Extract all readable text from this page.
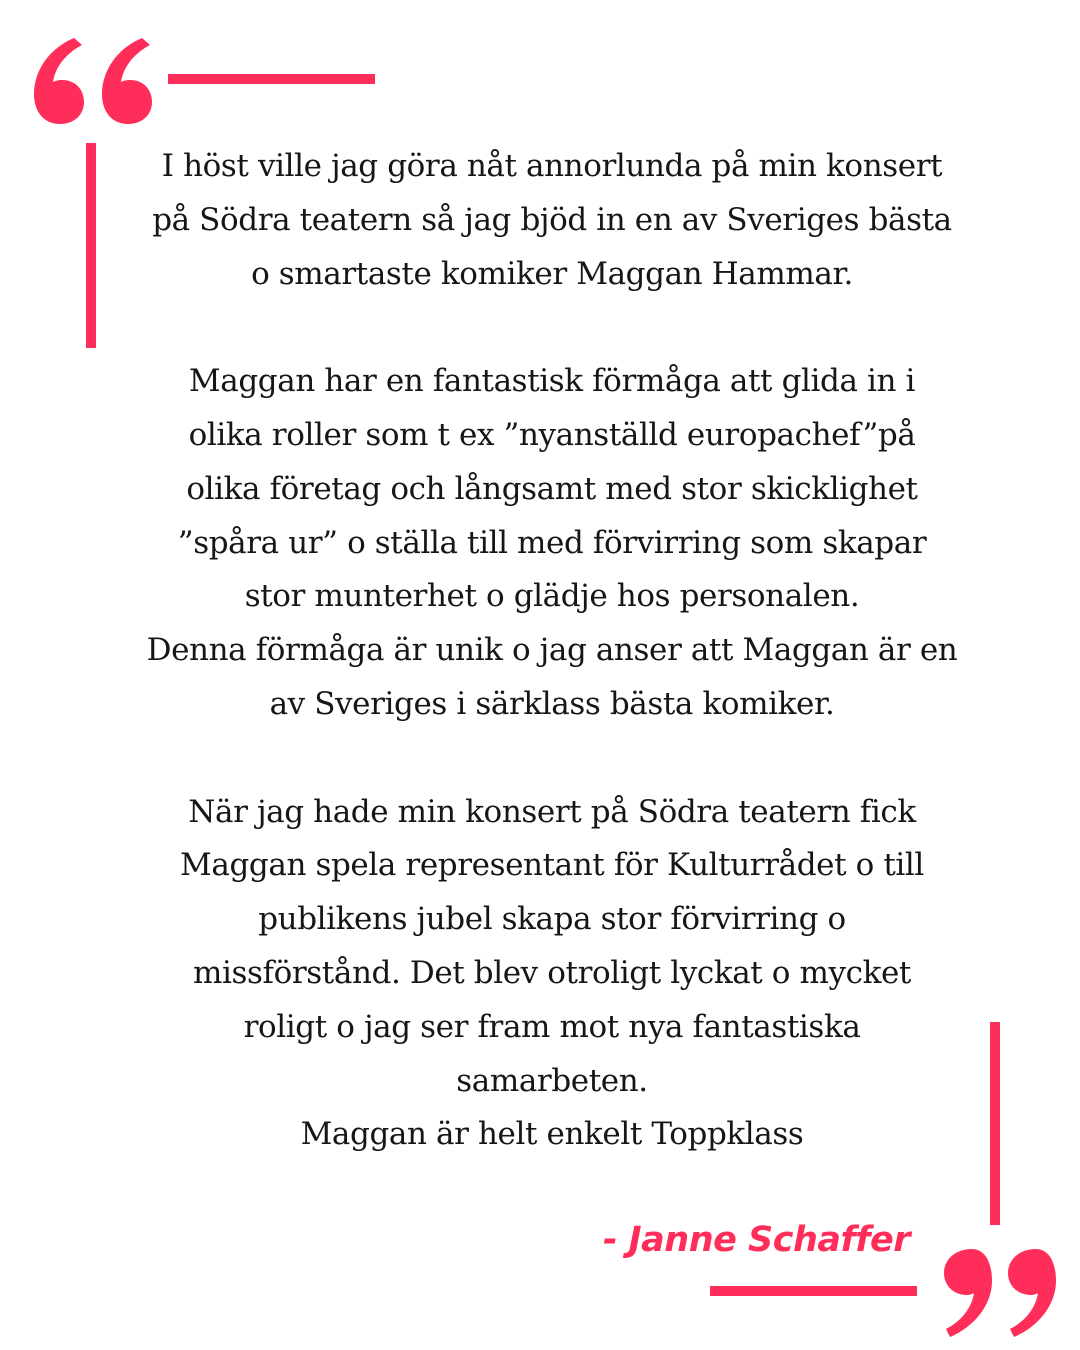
I höst ville jag göra nåt annorlunda på min konsert
på Södra teatern så jag bjöd in en av Sveriges bästa
o smartaste komiker Maggan Hammar.
Maggan har en fantastisk förmåga att glida in i
olika roller som t ex ”nyanställd europachef”på
olika företag och långsamt med stor skicklighet
”spåra ur” o ställa till med förvirring som skapar
stor munterhet o glädje hos personalen.
Denna förmåga är unik o jag anser att Maggan är en
av Sveriges i särklass bästa komiker.
När jag hade min konsert på Södra teatern fick
Maggan spela representant för Kulturrådet o till
publikens jubel skapa stor förvirring o
missförstånd. Det blev otroligt lyckat o mycket
roligt o jag ser fram mot nya fantastiska
samarbeten.
Maggan är helt enkelt Toppklass
- Janne Schaffer
